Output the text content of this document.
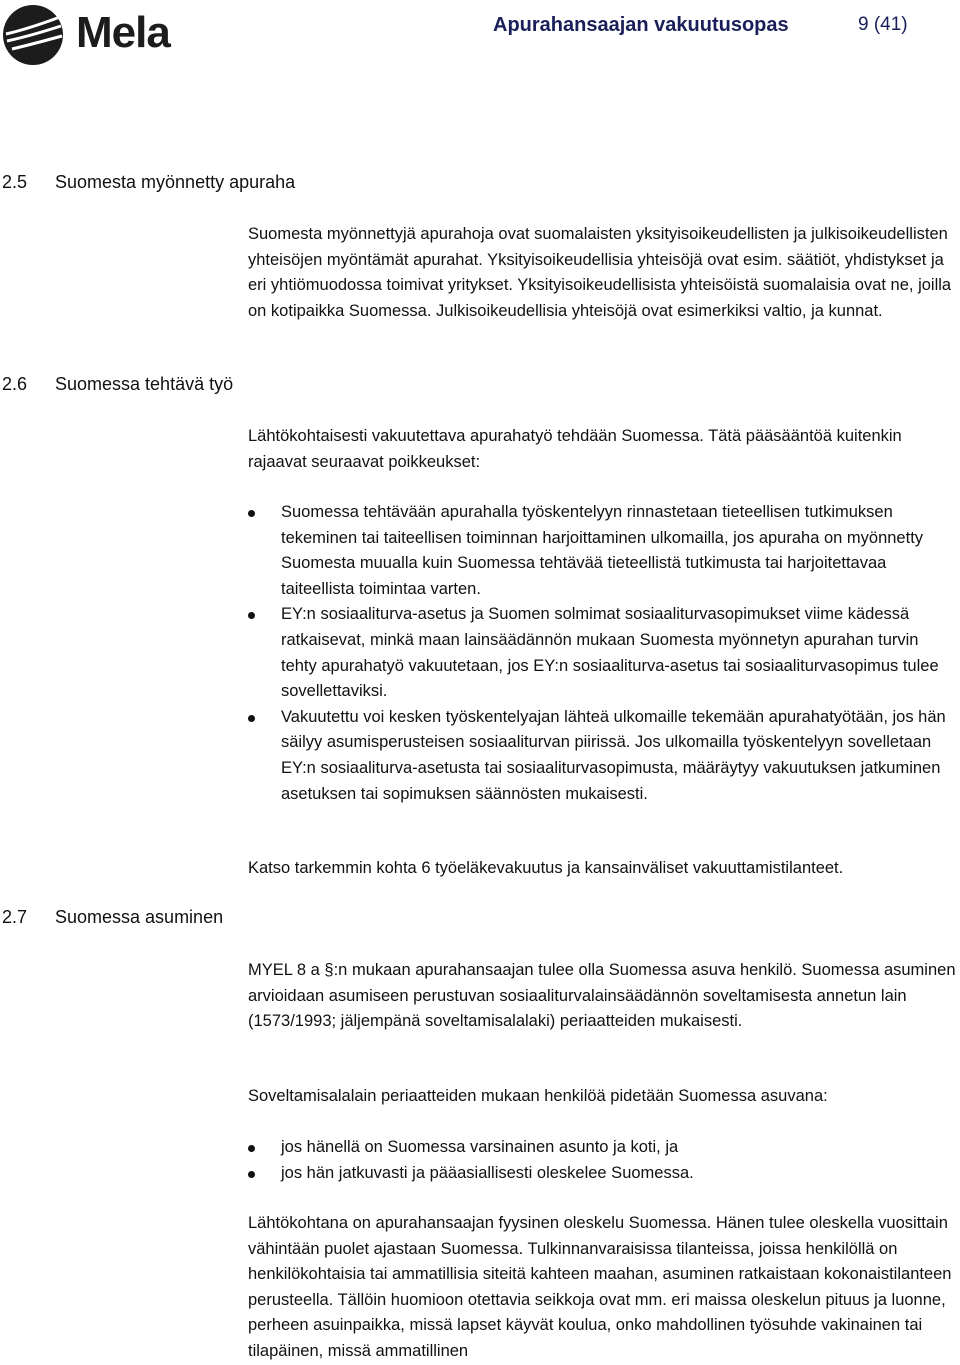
Mela	Apurahansaajan vakuutusopas	9 (41)
2.5 Suomesta myönnetty apuraha
2.6 Suomessa tehtävä työ
2.7 Suomessa asuminen
Suomesta myönnettyjä apurahoja ovat suomalaisten yksityisoikeudellisten ja julkisoikeudellisten yhteisöjen myöntämät apurahat. Yksityisoikeudellisia yhteisöjä ovat esim. säätiöt, yhdistykset ja eri yhtiömuodossa toimivat yritykset. Yksityisoikeudellisista yhteisöistä suomalaisia ovat ne, joilla on kotipaikka Suomessa. Julkisoikeudellisia yhteisöjä ovat esimerkiksi valtio, ja kunnat.
Lähtökohtaisesti vakuutettava apurahatyö tehdään Suomessa. Tätä pääsääntöä kuitenkin rajaavat seuraavat poikkeukset:
Suomessa tehtävään apurahalla työskentelyyn rinnastetaan tieteellisen tutkimuksen tekeminen tai taiteellisen toiminnan harjoittaminen ulkomailla, jos apuraha on myönnetty Suomesta muualla kuin Suomessa tehtävää tieteellistä tutkimusta tai harjoitettavaa taiteellista toimintaa varten.
EY:n sosiaaliturva-asetus ja Suomen solmimat sosiaaliturvasopimukset viime kädessä ratkaisevat, minkä maan lainsäädännön mukaan Suomesta myönnetyn apurahan turvin tehty apurahatyö vakuutetaan, jos EY:n sosiaaliturva-asetus tai sosiaaliturvasopimus tulee sovellettaviksi.
Vakuutettu voi kesken työskentelyajan lähteä ulkomaille tekemään apurahatyötään, jos hän säilyy asumisperusteisen sosiaaliturvan piirissä. Jos ulkomailla työskentelyyn sovelletaan EY:n sosiaaliturva-asetusta tai sosiaaliturvasopimusta, määräytyy vakuutuksen jatkuminen asetuksen tai sopimuksen säännösten mukaisesti.
Katso tarkemmin kohta 6 työeläkevakuutus ja kansainväliset vakuuttamistilanteet.
MYEL 8 a §:n mukaan apurahansaajan tulee olla Suomessa asuva henkilö. Suomessa asuminen arvioidaan asumiseen perustuvan sosiaaliturvalainsäädännön soveltamisesta annetun lain (1573/1993; jäljempänä soveltamisalalaki) periaatteiden mukaisesti.
Soveltamisalalain periaatteiden mukaan henkilöä pidetään Suomessa asuvana:
jos hänellä on Suomessa varsinainen asunto ja koti, ja
jos hän jatkuvasti ja pääasiallisesti oleskelee Suomessa.
Lähtökohtana on apurahansaajan fyysinen oleskelu Suomessa. Hänen tulee oleskella vuosittain vähintään puolet ajastaan Suomessa. Tulkinnanvaraisissa tilanteissa, joissa henkilöllä on henkilökohtaisia tai ammatillisia siteitä kahteen maahan, asuminen ratkaistaan kokonaistilanteen perusteella. Tällöin huomioon otettavia seikkoja ovat mm. eri maissa oleskelun pituus ja luonne, perheen asuinpaikka, missä lapset käyvät koulua, onko mahdollinen työsuhde vakinainen tai tilapäinen, missä ammatillinen
